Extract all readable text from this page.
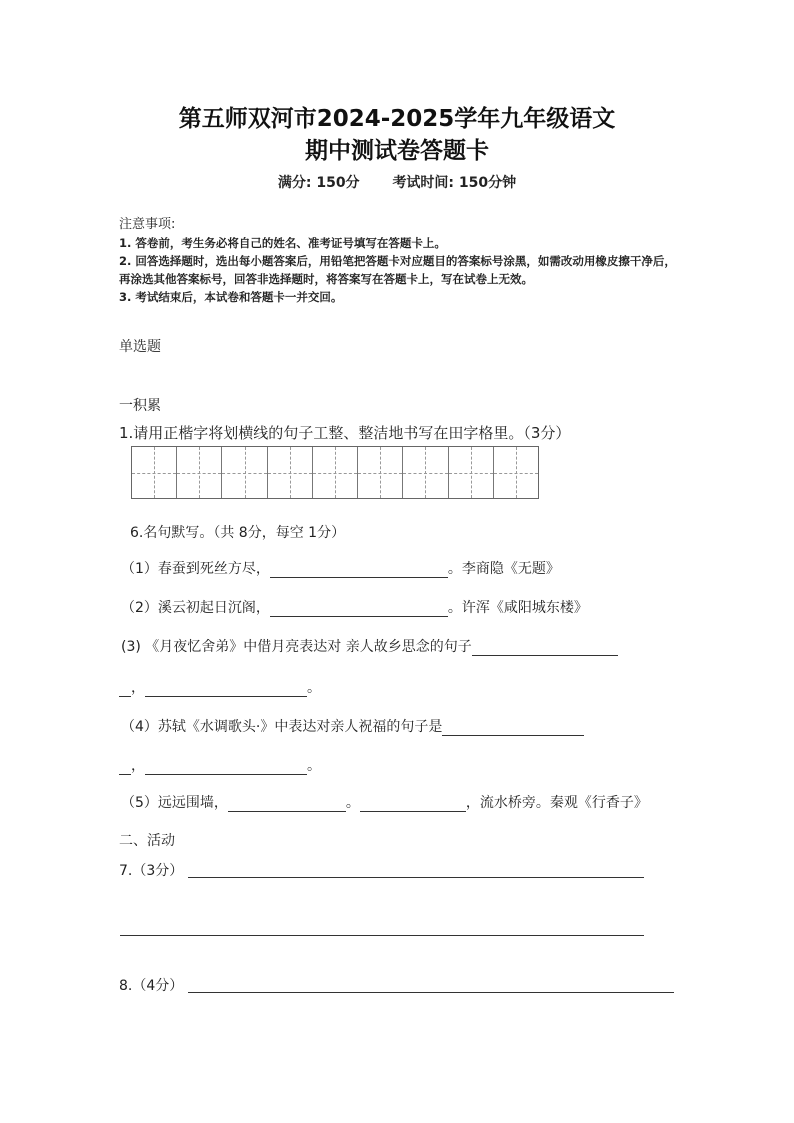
第五师双河市2024-2025学年九年级语文
期中测试卷答题卡
满分: 150分 考试时间: 150分钟
注意事项:

1. 答卷前，考生务必将自己的姓名、准考证号填写在答题卡上。

2. 回答选择题时，选出每小题答案后，用铅笔把答题卡对应题目的答案标号涂黑，如需改动用橡皮擦干净后，再涂选其他答案标号，回答非选择题时，将答案写在答题卡上，写在试卷上无效。

3. 考试结束后，本试卷和答题卡一并交回。

单选题
一积累
1.请用正楷字将划横线的句子工整、整洁地书写在田字格里。（3分）
6.名句默写。（共 8分，每空 1分）
（1）春蚕到死丝方尽，	。李商隐《无题》
（2）溪云初起日沉阁，	。许浑《咸阳城东楼》
(3) 《月夜忆舍弟》中借月亮表达对 亲人故乡思念的句子
，	。
（4）苏轼《水调歌头·》中表达对亲人祝福的句子是
，	。
（5）远远围墙，	。	，流水桥旁。秦观《行香子》
二、活动
7.（3分）
8.（4分）
